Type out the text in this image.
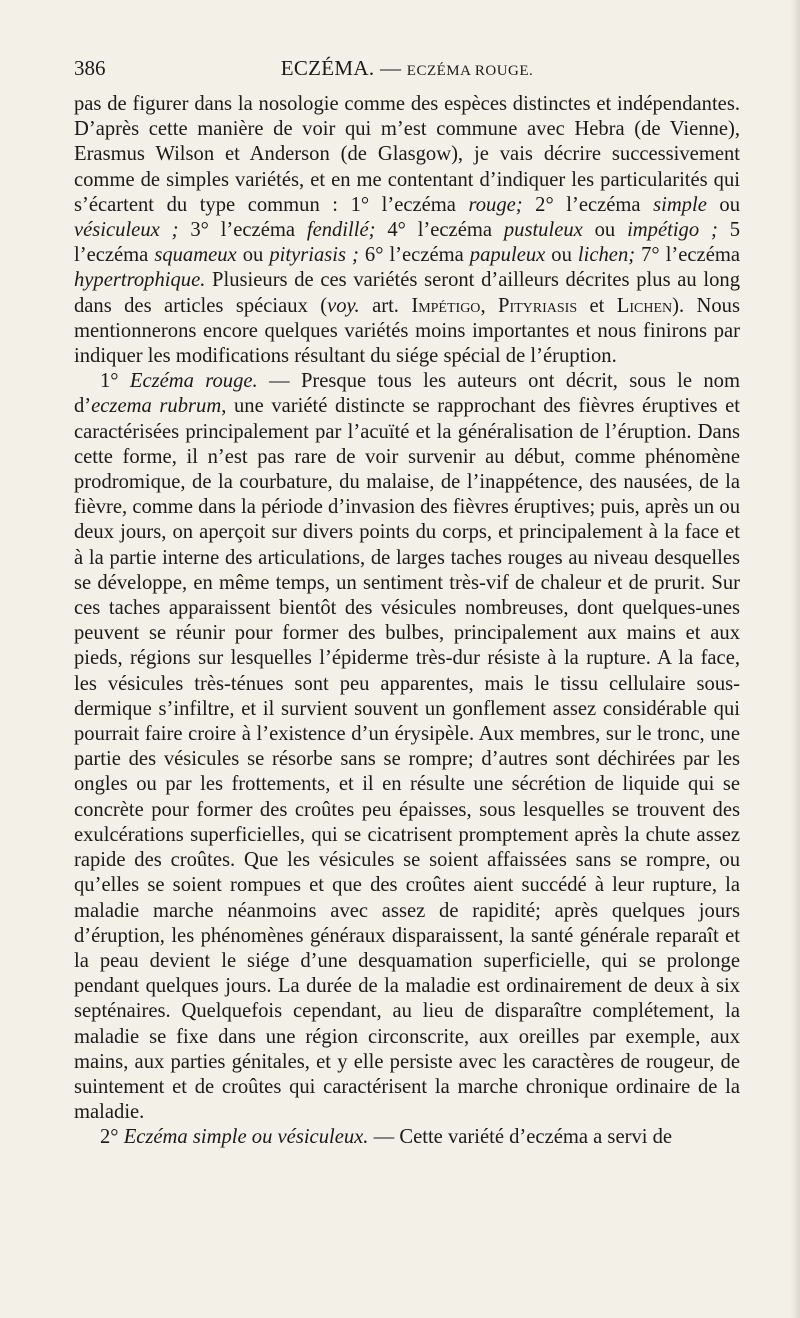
386	ECZÉMA. — ECZÉMA ROUGE.

pas de figurer dans la nosologie comme des espèces distinctes et indépendantes. D’après cette manière de voir qui m’est commune avec Hebra (de Vienne), Erasmus Wilson et Anderson (de Glasgow), je vais décrire successivement comme de simples variétés, et en me contentant d’indiquer les particularités qui s’écartent du type commun : 1° l’eczéma rouge; 2° l’eczéma simple ou vésiculeux ; 3° l’eczéma fendillé; 4° l’eczéma pustuleux ou impétigo ; 5 l’eczéma squameux ou pityriasis ; 6° l’eczéma papuleux ou lichen; 7° l’eczéma hypertrophique. Plusieurs de ces variétés seront d’ailleurs décrites plus au long dans des articles spéciaux (voy. art. Impétigo, Pityriasis et Lichen). Nous mentionnerons encore quelques variétés moins importantes et nous finirons par indiquer les modifications résultant du siége spécial de l’éruption.

1° Eczéma rouge. — Presque tous les auteurs ont décrit, sous le nom d’eczema rubrum, une variété distincte se rapprochant des fièvres éruptives et caractérisées principalement par l’acuïté et la généralisation de l’éruption. Dans cette forme, il n’est pas rare de voir survenir au début, comme phénomène prodromique, de la courbature, du malaise, de l’inappétence, des nausées, de la fièvre, comme dans la période d’invasion des fièvres éruptives; puis, après un ou deux jours, on aperçoit sur divers points du corps, et principalement à la face et à la partie interne des articulations, de larges taches rouges au niveau desquelles se développe, en même temps, un sentiment très-vif de chaleur et de prurit. Sur ces taches apparaissent bientôt des vésicules nombreuses, dont quelques-unes peuvent se réunir pour former des bulbes, principalement aux mains et aux pieds, régions sur lesquelles l’épiderme très-dur résiste à la rupture. A la face, les vésicules très-ténues sont peu apparentes, mais le tissu cellulaire sous-dermique s’infiltre, et il survient souvent un gonflement assez considérable qui pourrait faire croire à l’existence d’un érysipèle. Aux membres, sur le tronc, une partie des vésicules se résorbe sans se rompre; d’autres sont déchirées par les ongles ou par les frottements, et il en résulte une sécrétion de liquide qui se concrète pour former des croûtes peu épaisses, sous lesquelles se trouvent des exulcérations superficielles, qui se cicatrisent promptement après la chute assez rapide des croûtes. Que les vésicules se soient affaissées sans se rompre, ou qu’elles se soient rompues et que des croûtes aient succédé à leur rupture, la maladie marche néanmoins avec assez de rapidité; après quelques jours d’éruption, les phénomènes généraux disparaissent, la santé générale reparaît et la peau devient le siége d’une desquamation superficielle, qui se prolonge pendant quelques jours. La durée de la maladie est ordinairement de deux à six septénaires. Quelquefois cependant, au lieu de disparaître complétement, la maladie se fixe dans une région circonscrite, aux oreilles par exemple, aux mains, aux parties génitales, et y elle persiste avec les caractères de rougeur, de suintement et de croûtes qui caractérisent la marche chronique ordinaire de la maladie.

2° Eczéma simple ou vésiculeux. — Cette variété d’eczéma a servi de
